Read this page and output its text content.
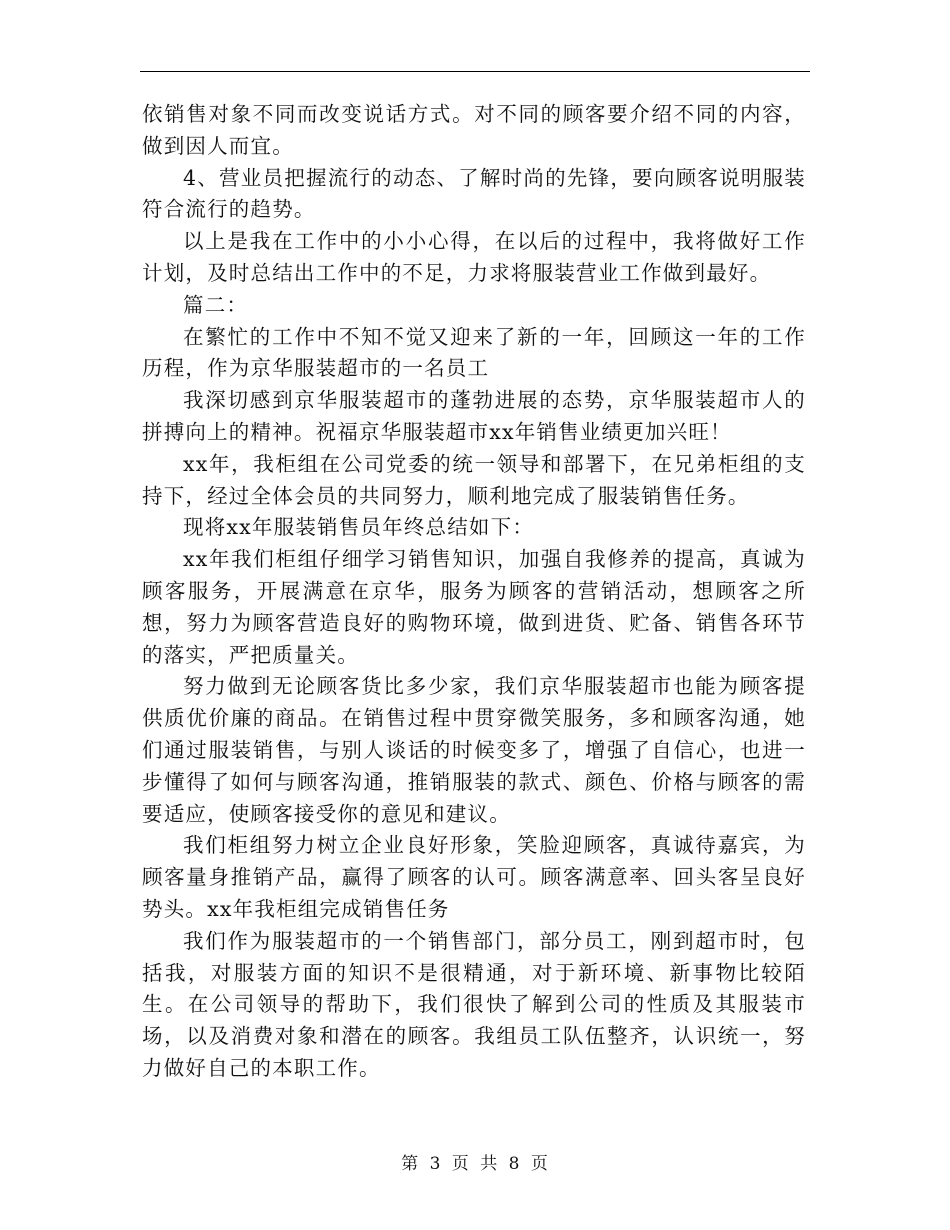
依销售对象不同而改变说话方式。对不同的顾客要介绍不同的内容，做到因人而宜。

4、营业员把握流行的动态、了解时尚的先锋，要向顾客说明服装符合流行的趋势。

以上是我在工作中的小小心得，在以后的过程中，我将做好工作计划，及时总结出工作中的不足，力求将服装营业工作做到最好。

篇二：

在繁忙的工作中不知不觉又迎来了新的一年，回顾这一年的工作历程，作为京华服装超市的一名员工

我深切感到京华服装超市的蓬勃进展的态势，京华服装超市人的拼搏向上的精神。祝福京华服装超市xx年销售业绩更加兴旺！

xx年，我柜组在公司党委的统一领导和部署下，在兄弟柜组的支持下，经过全体会员的共同努力，顺利地完成了服装销售任务。

现将xx年服装销售员年终总结如下：

xx年我们柜组仔细学习销售知识，加强自我修养的提高，真诚为顾客服务，开展满意在京华，服务为顾客的营销活动，想顾客之所想，努力为顾客营造良好的购物环境，做到进货、贮备、销售各环节的落实，严把质量关。

努力做到无论顾客货比多少家，我们京华服装超市也能为顾客提供质优价廉的商品。在销售过程中贯穿微笑服务，多和顾客沟通，她们通过服装销售，与别人谈话的时候变多了，增强了自信心，也进一步懂得了如何与顾客沟通，推销服装的款式、颜色、价格与顾客的需要适应，使顾客接受你的意见和建议。

我们柜组努力树立企业良好形象，笑脸迎顾客，真诚待嘉宾，为顾客量身推销产品，赢得了顾客的认可。顾客满意率、回头客呈良好势头。xx年我柜组完成销售任务

我们作为服装超市的一个销售部门，部分员工，刚到超市时，包括我，对服装方面的知识不是很精通，对于新环境、新事物比较陌生。在公司领导的帮助下，我们很快了解到公司的性质及其服装市场，以及消费对象和潜在的顾客。我组员工队伍整齐，认识统一，努力做好自己的本职工作。

第 3 页 共 8 页
